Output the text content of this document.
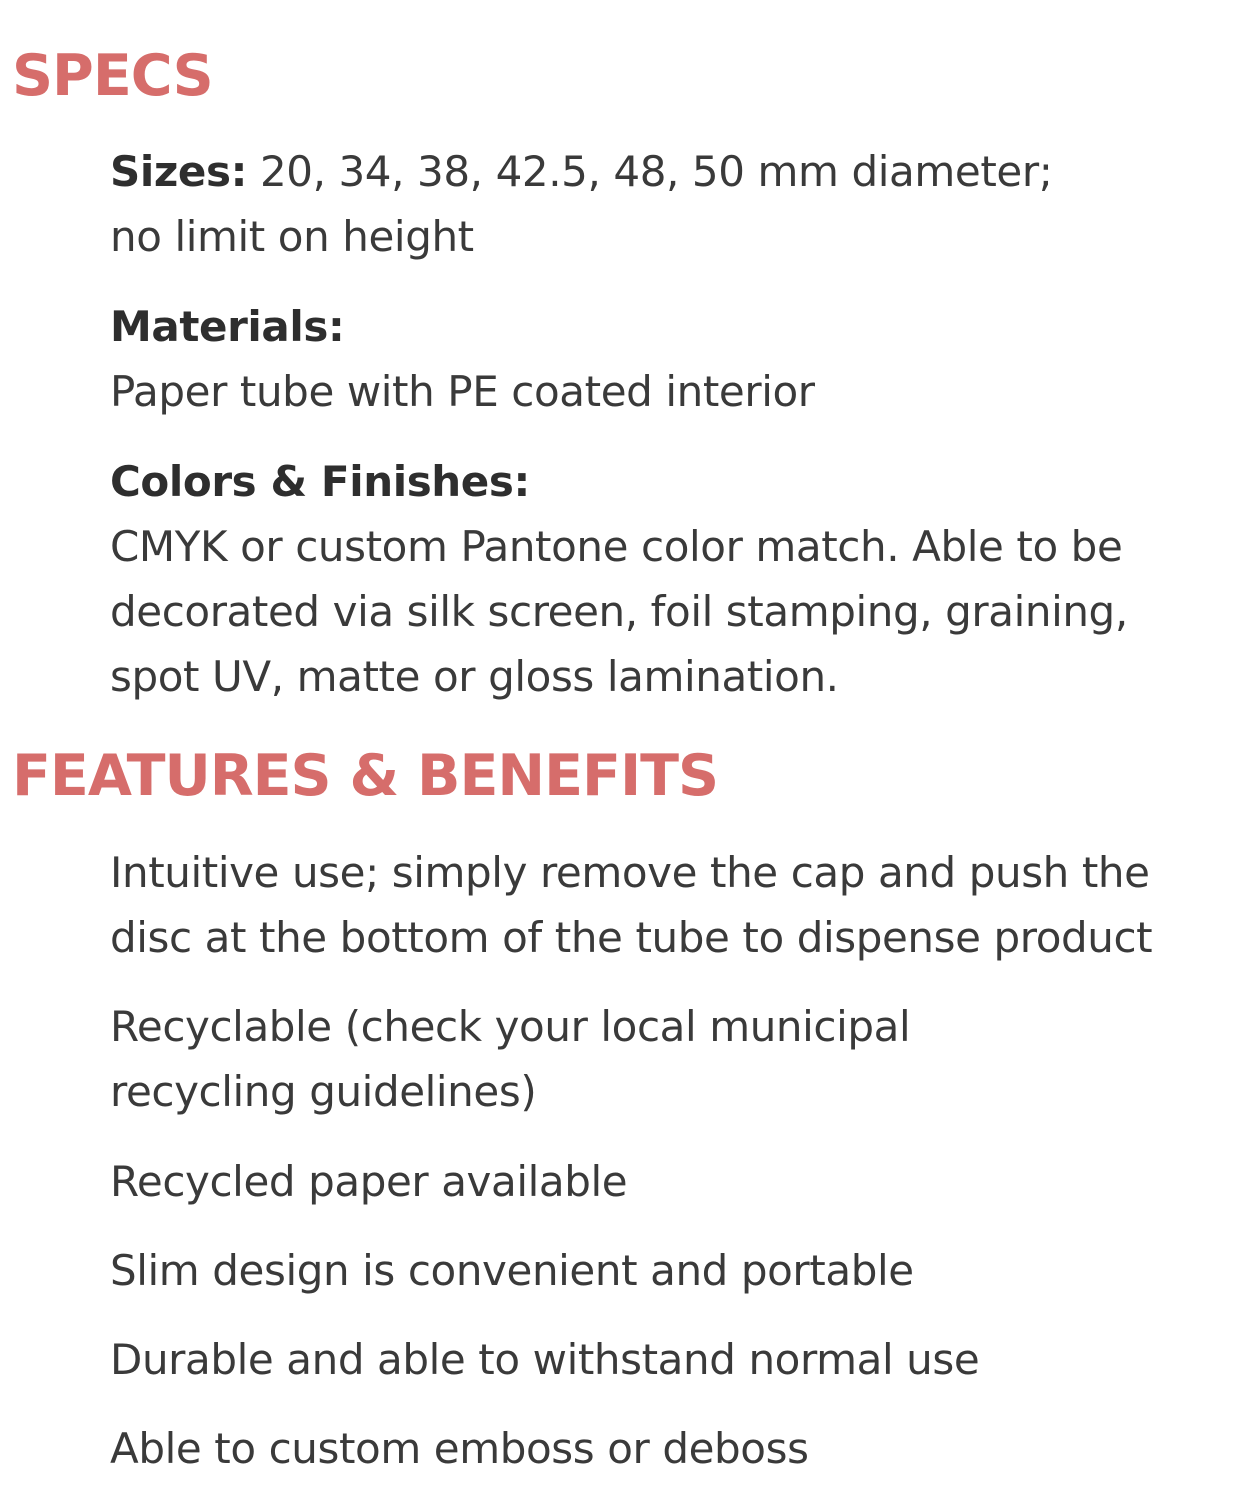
SPECS
Sizes: 20, 34, 38, 42.5, 48, 50 mm diameter;
no limit on height
Materials:
Paper tube with PE coated interior
Colors & Finishes:
CMYK or custom Pantone color match. Able to be
decorated via silk screen, foil stamping, graining,
spot UV, matte or gloss lamination.
FEATURES & BENEFITS
Intuitive use; simply remove the cap and push the
disc at the bottom of the tube to dispense product
Recyclable (check your local municipal
recycling guidelines)
Recycled paper available
Slim design is convenient and portable
Durable and able to withstand normal use
Able to custom emboss or deboss
